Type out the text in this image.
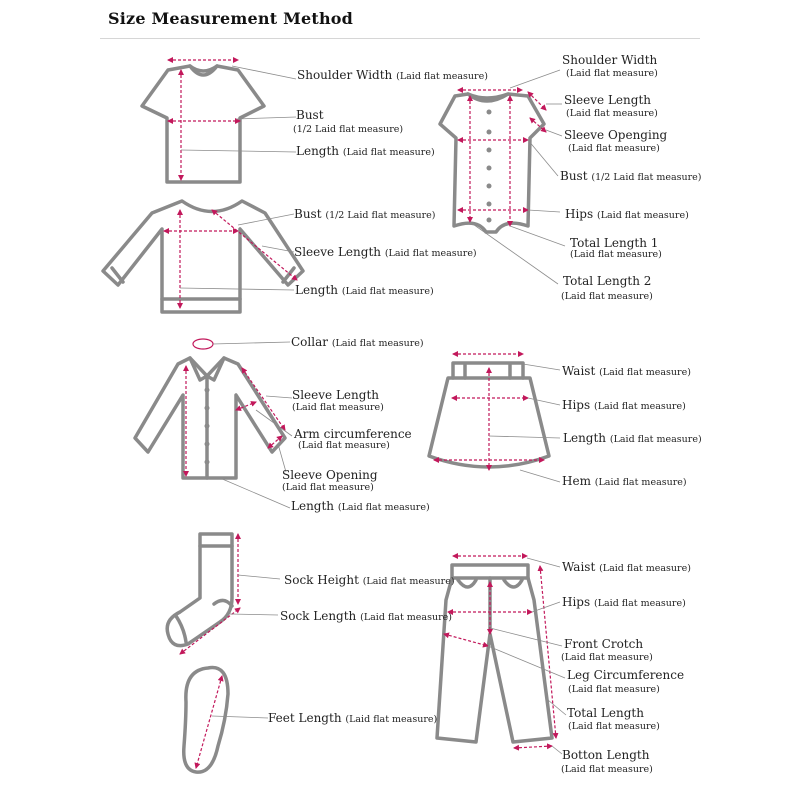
Size Measurement Method
Shoulder Width (Laid flat measure)
Bust
(1/2 Laid flat measure)
Length (Laid flat measure)
Bust (1/2 Laid flat measure)
Sleeve Length (Laid flat measure)
Length (Laid flat measure)
Shoulder Width
(Laid flat measure)
Sleeve Length
(Laid flat measure)
Sleeve Openging
(Laid flat measure)
Bust (1/2 Laid flat measure)
Hips (Laid flat measure)
Total Length 1
(Laid flat measure)
Total Length 2
(Laid flat measure)
Collar (Laid flat measure)
Sleeve Length
(Laid flat measure)
Arm circumference
(Laid flat measure)
Sleeve Opening
(Laid flat measure)
Length (Laid flat measure)
Waist (Laid flat measure)
Hips (Laid flat measure)
Length (Laid flat measure)
Hem (Laid flat measure)
Sock Height (Laid flat measure)
Sock Length (Laid flat measure)
Feet Length (Laid flat measure)
Waist (Laid flat measure)
Hips (Laid flat measure)
Front Crotch
(Laid flat measure)
Leg Circumference
(Laid flat measure)
Total Length
(Laid flat measure)
Botton Length
(Laid flat measure)
